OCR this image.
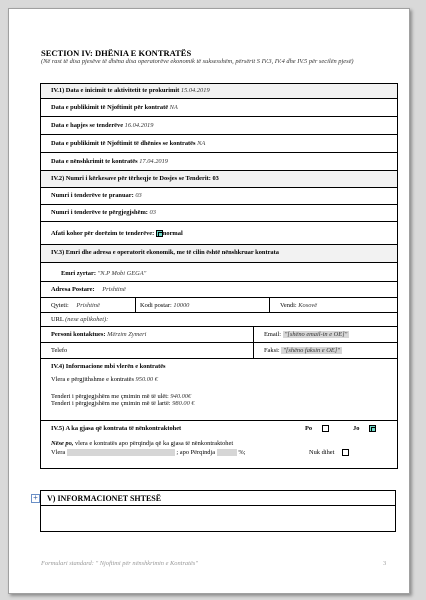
SECTION IV: DHËNIA E KONTRATËS
(Në rast të disa pjesëve të dhëna disa operatorëve ekonomik të suksesshëm, përsërit S IV.3, IV.4 dhe IV.5 për secilën pjesë)
IV.1) Data e inicimit te aktivitetit te prokurimit 15.04.2019
Data e publikimit të Njoftimit për kontratë NA
Data e hapjes se tenderëve 16.04.2019
Data e publikimit të Njoftimit të dhënies se kontratës NA
Data e nënshkrimit te kontratës 17.04.2019
IV.2) Numri i kërkesave për tërheqje te Dosjes se Tenderit: 03
Numri i tenderëve te pranuar: 03
Numri i tenderëve te përgjegjshëm: 03
Afati kohor për dorëzim te tenderëve: normal
IV.3) Emri dhe adresa e operatorit ekonomik, me të cilin është nënshkruar kontrata
Emri zyrtar: "N.P Mobi GEGA"
Adresa Postare: Prishtinë
Qyteti: Prishtinë	Kodi postar: 10000	Vendi: Kosovë
URL (nese aplikohet):
Personi kontaktues: Mërzim Zymeri	Email: "[shëno email-in e OE]"
Telefo	Faksi: "[shëno faksin e OE]"
IV.4) Informacione mbi vlerën e kontratës
Vlera e përgjithshme e kontratës 950.00 €
Tenderi i përgjegjshëm me çmimin më të ulët: 940.00€
Tenderi i përgjegjshëm me çmimin më të lartë: 980.00 €
IV.5) A ka gjasa që kontrata të nënkontraktohet	Po	Jo
Nëse po, vlera e kontratës apo përqindja që ka gjasa të nënkontraktohet
Vlera	; apo Përqindja	%;	Nuk dihet
+ V) INFORMACIONET SHTESË
Formulari standard: " Njoftimi për nënshkrimin e Kontratës"	3
